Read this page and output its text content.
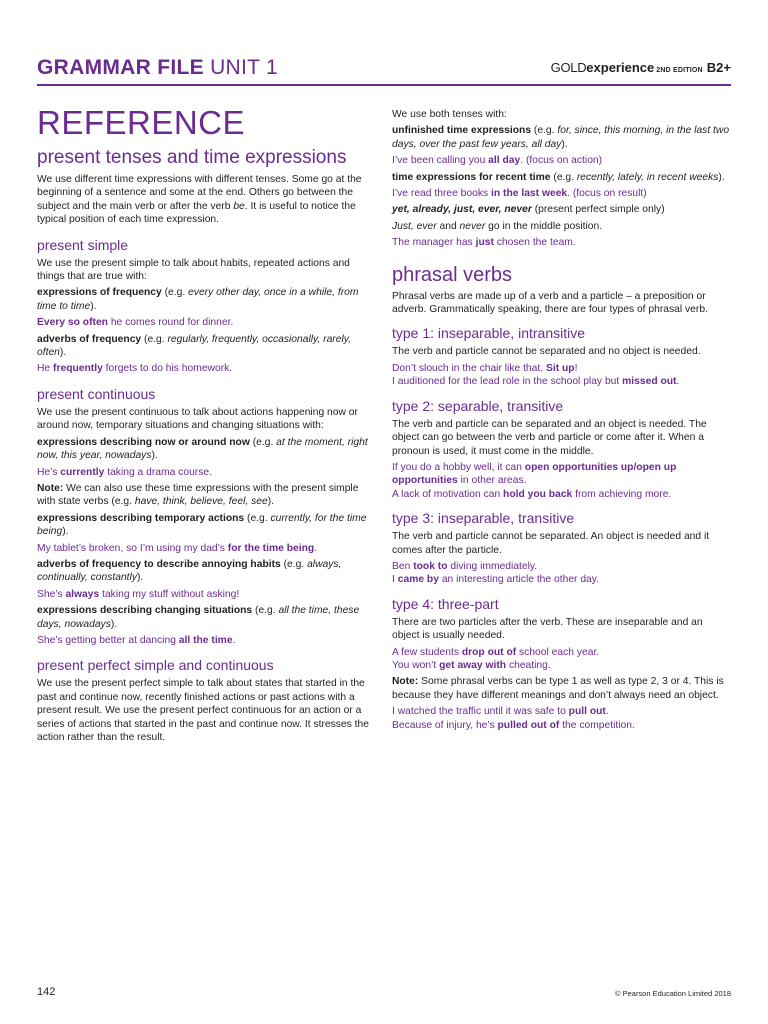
GRAMMAR FILE UNIT 1	GOLDexperience 2ND EDITION B2+
REFERENCE
present tenses and time expressions

We use different time expressions with different tenses. Some go at the beginning of a sentence and some at the end. Others go between the subject and the main verb or after the verb be. It is useful to notice the typical position of each time expression.

present simple

We use the present simple to talk about habits, repeated actions and things that are true with:

expressions of frequency (e.g. every other day, once in a while, from time to time).

Every so often he comes round for dinner.

adverbs of frequency (e.g. regularly, frequently, occasionally, rarely, often).

He frequently forgets to do his homework.

present continuous

We use the present continuous to talk about actions happening now or around now, temporary situations and changing situations with:

expressions describing now or around now (e.g. at the moment, right now, this year, nowadays).

He’s currently taking a drama course.

Note: We can also use these time expressions with the present simple with state verbs (e.g. have, think, believe, feel, see).

expressions describing temporary actions (e.g. currently, for the time being).

My tablet’s broken, so I’m using my dad’s for the time being.

adverbs of frequency to describe annoying habits (e.g. always, continually, constantly).

She’s always taking my stuff without asking!

expressions describing changing situations (e.g. all the time, these days, nowadays).

She’s getting better at dancing all the time.

present perfect simple and continuous

We use the present perfect simple to talk about states that started in the past and continue now, recently finished actions or past actions with a present result. We use the present perfect continuous for an action or a series of actions that started in the past and continue now. It stresses the action rather than the result.

We use both tenses with:

unfinished time expressions (e.g. for, since, this morning, in the last two days, over the past few years, all day).

I’ve been calling you all day. (focus on action)

time expressions for recent time (e.g. recently, lately, in recent weeks).

I’ve read three books in the last week. (focus on result)

yet, already, just, ever, never (present perfect simple only)

Just, ever and never go in the middle position.

The manager has just chosen the team.

phrasal verbs

Phrasal verbs are made up of a verb and a particle – a preposition or adverb. Grammatically speaking, there are four types of phrasal verb.

type 1: inseparable, intransitive

The verb and particle cannot be separated and no object is needed.

Don’t slouch in the chair like that. Sit up!

I auditioned for the lead role in the school play but missed out.

type 2: separable, transitive

The verb and particle can be separated and an object is needed. The object can go between the verb and particle or come after it. When a pronoun is used, it must come in the middle.

If you do a hobby well, it can open opportunities up/open up opportunities in other areas.

A lack of motivation can hold you back from achieving more.

type 3: inseparable, transitive

The verb and particle cannot be separated. An object is needed and it comes after the particle.

Ben took to diving immediately.

I came by an interesting article the other day.

type 4: three-part

There are two particles after the verb. These are inseparable and an object is usually needed.

A few students drop out of school each year.

You won’t get away with cheating.

Note: Some phrasal verbs can be type 1 as well as type 2, 3 or 4. This is because they have different meanings and don’t always need an object.

I watched the traffic until it was safe to pull out.

Because of injury, he’s pulled out of the competition.

142	© Pearson Education Limited 2018
